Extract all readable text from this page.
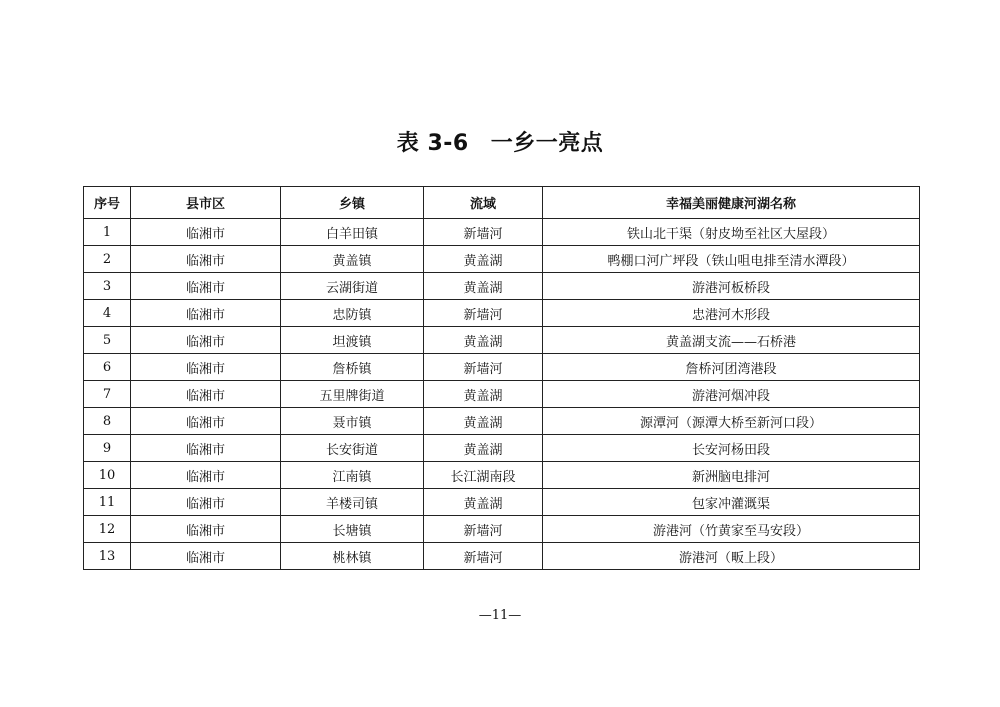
表 3-6 一乡一亮点
序号	县市区	乡镇	流域	幸福美丽健康河湖名称
1	临湘市	白羊田镇	新墙河	铁山北干渠（射皮坳至社区大屋段）
2	临湘市	黄盖镇	黄盖湖	鸭棚口河广坪段（铁山咀电排至清水潭段）
3	临湘市	云湖街道	黄盖湖	游港河板桥段
4	临湘市	忠防镇	新墙河	忠港河木形段
5	临湘市	坦渡镇	黄盖湖	黄盖湖支流——石桥港
6	临湘市	詹桥镇	新墙河	詹桥河团湾港段
7	临湘市	五里牌街道	黄盖湖	游港河烟冲段
8	临湘市	聂市镇	黄盖湖	源潭河（源潭大桥至新河口段）
9	临湘市	长安街道	黄盖湖	长安河杨田段
10	临湘市	江南镇	长江湖南段	新洲脑电排河
11	临湘市	羊楼司镇	黄盖湖	包家冲灌溉渠
12	临湘市	长塘镇	新墙河	游港河（竹黄家至马安段）
13	临湘市	桃林镇	新墙河	游港河（畈上段）
—11—
